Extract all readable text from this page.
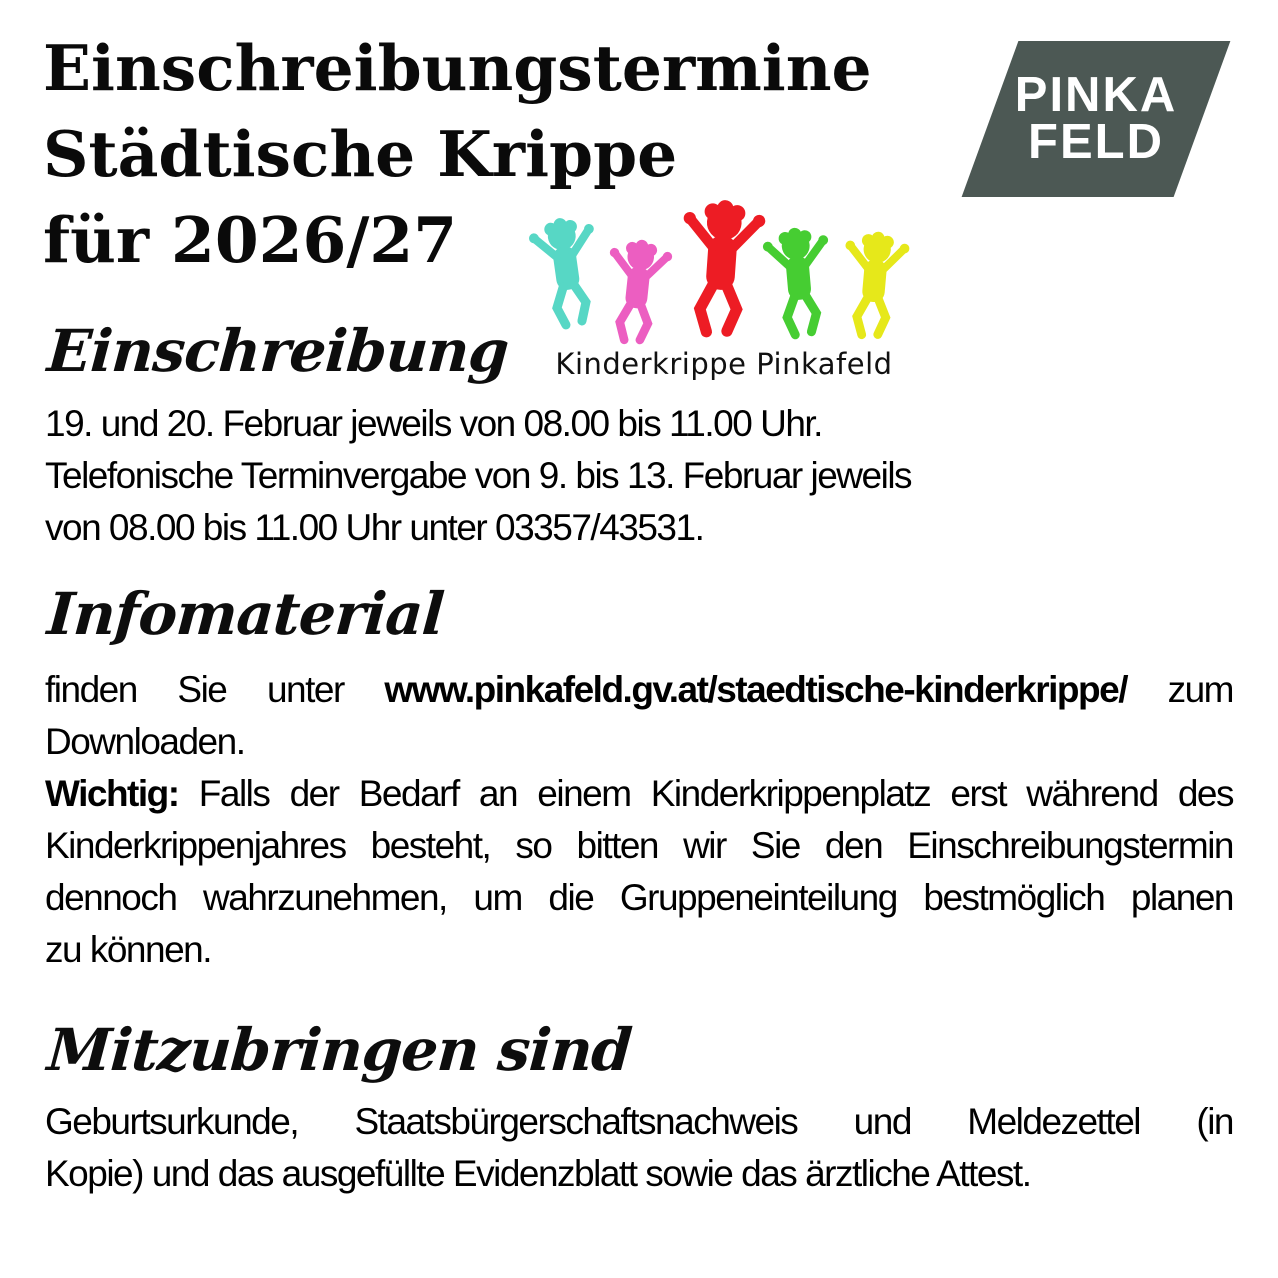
Einschreibungstermine
Städtische Krippe
für 2026/27
PINKA
FELD
Kinderkrippe Pinkafeld
Einschreibung
19. und 20. Februar jeweils von 08.00 bis 11.00 Uhr.
Telefonische Terminvergabe von 9. bis 13. Februar jeweils
von 08.00 bis 11.00 Uhr unter 03357/43531.
Infomaterial
finden Sie unter www.pinkafeld.gv.at/staedtische-kinderkrippe/ zum
Downloaden.
Wichtig: Falls der Bedarf an einem Kinderkrippenplatz erst während des
Kinderkrippenjahres besteht, so bitten wir Sie den Einschreibungstermin
dennoch wahrzunehmen, um die Gruppeneinteilung bestmöglich planen
zu können.
Mitzubringen sind
Geburtsurkunde, Staatsbürgerschaftsnachweis und Meldezettel (in
Kopie) und das ausgefüllte Evidenzblatt sowie das ärztliche Attest.
